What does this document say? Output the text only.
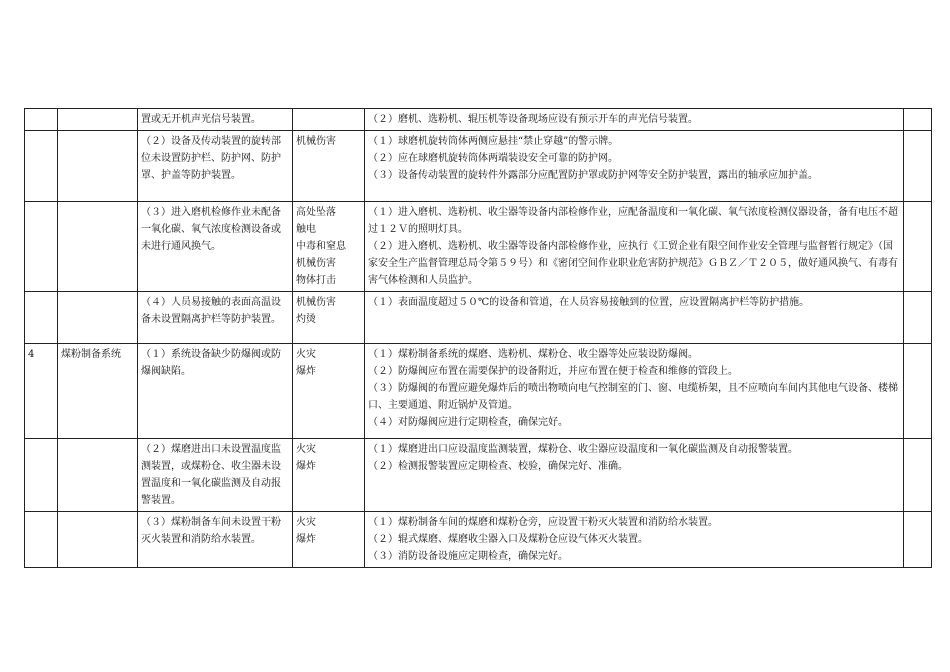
		置或无开机声光信号装置。		（２）磨机、选粉机、辊压机等设备现场应设有预示开车的声光信号装置。	

		（２）设备及传动装置的旋转部位未设置防护栏、防护网、防护罩、护盖等防护装置。	机械伤害	（１）球磨机旋转筒体两侧应悬挂“禁止穿越”的警示牌。
（２）应在球磨机旋转筒体两端装设安全可靠的防护网。
（３）设备传动装置的旋转件外露部分应配置防护罩或防护网等安全防护装置，露出的轴承应加护盖。	

		（３）进入磨机检修作业未配备一氧化碳、氧气浓度检测设备或未进行通风换气。	高处坠落
触电
中毒和窒息
机械伤害
物体打击	（１）进入磨机、选粉机、收尘器等设备内部检修作业，应配备温度和一氧化碳、氧气浓度检测仪器设备，备有电压不超过１２Ｖ的照明灯具。
（２）进入磨机、选粉机、收尘器等设备内部检修作业，应执行《工贸企业有限空间作业安全管理与监督暂行规定》（国家安全生产监督管理总局令第５９号）和《密闭空间作业职业危害防护规范》ＧＢＺ／Ｔ２０５，做好通风换气、有毒有害气体检测和人员监护。	

		（４）人员易接触的表面高温设备未设置隔离护栏等防护装置。	机械伤害
灼烫	（１）表面温度超过５０℃的设备和管道，在人员容易接触到的位置，应设置隔离护栏等防护措施。	

4	煤粉制备系统	（１）系统设备缺少防爆阀或防爆阀缺陷。	火灾
爆炸	（１）煤粉制备系统的煤磨、选粉机、煤粉仓、收尘器等处应装设防爆阀。
（２）防爆阀应布置在需要保护的设备附近，并应布置在便于检查和维修的管段上。
（３）防爆阀的布置应避免爆炸后的喷出物喷向电气控制室的门、窗、电缆桥架，且不应喷向车间内其他电气设备、楼梯口、主要通道、附近锅炉及管道。
（４）对防爆阀应进行定期检查，确保完好。	

		（２）煤磨进出口未设置温度监测装置，或煤粉仓、收尘器未设置温度和一氧化碳监测及自动报警装置。	火灾
爆炸	（１）煤磨进出口应设温度监测装置，煤粉仓、收尘器应设温度和一氧化碳监测及自动报警装置。
（２）检测报警装置应定期检查、校验，确保完好、准确。	

		（３）煤粉制备车间未设置干粉灭火装置和消防给水装置。	火灾
爆炸	（１）煤粉制备车间的煤磨和煤粉仓旁，应设置干粉灭火装置和消防给水装置。
（２）辊式煤磨、煤磨收尘器入口及煤粉仓应设气体灭火装置。
（３）消防设备设施应定期检查，确保完好。	
